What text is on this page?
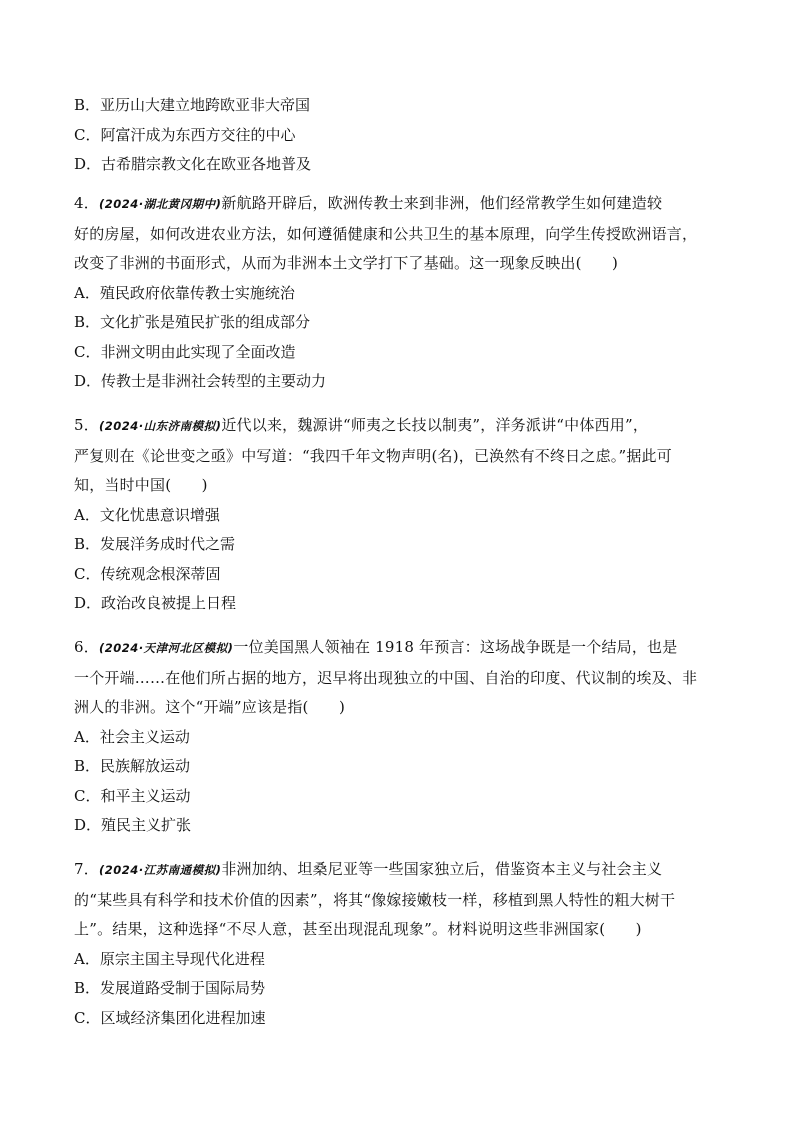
B．亚历山大建立地跨欧亚非大帝国
C．阿富汗成为东西方交往的中心
D．古希腊宗教文化在欧亚各地普及
4．(2024·湖北黄冈期中)新航路开辟后，欧洲传教士来到非洲，他们经常教学生如何建造较
好的房屋，如何改进农业方法，如何遵循健康和公共卫生的基本原理，向学生传授欧洲语言，
改变了非洲的书面形式，从而为非洲本土文学打下了基础。这一现象反映出(　　)
A．殖民政府依靠传教士实施统治
B．文化扩张是殖民扩张的组成部分
C．非洲文明由此实现了全面改造
D．传教士是非洲社会转型的主要动力
5．(2024·山东济南模拟)近代以来，魏源讲“师夷之长技以制夷”，洋务派讲“中体西用”，
严复则在《论世变之亟》中写道：“我四千年文物声明(名)，已涣然有不终日之虑。”据此可
知，当时中国(　　)
A．文化忧患意识增强
B．发展洋务成时代之需
C．传统观念根深蒂固
D．政治改良被提上日程
6．(2024·天津河北区模拟)一位美国黑人领袖在 1918 年预言：这场战争既是一个结局，也是
一个开端……在他们所占据的地方，迟早将出现独立的中国、自治的印度、代议制的埃及、非
洲人的非洲。这个“开端”应该是指(　　)
A．社会主义运动
B．民族解放运动
C．和平主义运动
D．殖民主义扩张
7．(2024·江苏南通模拟)非洲加纳、坦桑尼亚等一些国家独立后，借鉴资本主义与社会主义
的“某些具有科学和技术价值的因素”，将其“像嫁接嫩枝一样，移植到黑人特性的粗大树干
上”。结果，这种选择“不尽人意，甚至出现混乱现象”。材料说明这些非洲国家(　　)
A．原宗主国主导现代化进程
B．发展道路受制于国际局势
C．区域经济集团化进程加速
